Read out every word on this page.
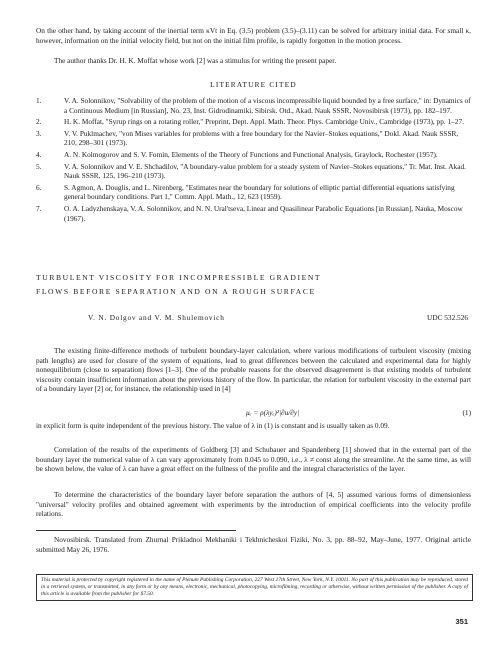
On the other hand, by taking account of the inertial term κVt in Eq. (3.5) problem (3.5)–(3.11) can be solved for arbitrary initial data. For small κ, however, information on the initial velocity field, but not on the initial film profile, is rapidly forgotten in the motion process.

The author thanks Dr. H. K. Moffat whose work [2] was a stimulus for writing the present paper.

LITERATURE CITED
1.	V. A. Solonnikov, "Solvability of the problem of the motion of a viscous incompressible liquid bounded by a free surface," in: Dynamics of a Continuous Medium [in Russian], No. 23, Inst. Gidrodinamiki, Sibirsk. Otd., Akad. Nauk SSSR, Novosibirsk (1973), pp. 182–197.
2.	H. K. Moffat, "Syrup rings on a rotating roller," Preprint, Dept. Appl. Math. Theor. Phys. Cambridge Univ., Cambridge (1973), pp. 1–27.
3.	V. V. Puklmachev, "von Mises variables for problems with a free boundary for the Navier–Stokes equations," Dokl. Akad. Nauk SSSR, 210, 298–301 (1973).
4.	A. N. Kolmogorov and S. V. Fomin, Elements of the Theory of Functions and Functional Analysis, Graylock, Rochester (1957).
5.	V. A. Solonnikov and V. E. Shchadilov, "A boundary-value problem for a steady system of Navier–Stokes equations," Tr. Mat. Inst. Akad. Nauk SSSR, 125, 196–210 (1973).
6.	S. Agmon, A. Douglis, and L. Nirenberg, "Estimates near the boundary for solutions of elliptic partial differential equations satisfying general boundary conditions. Part 1," Comm. Appl. Math., 12, 623 (1959).
7.	O. A. Ladyzhenskaya, V. A. Solonnikov, and N. N. Ural'tseva, Linear and Quasilinear Parabolic Equations [in Russian], Nauka, Moscow (1967).
TURBULENT VISCOSITY FOR INCOMPRESSIBLE GRADIENT
FLOWS BEFORE SEPARATION AND ON A ROUGH SURFACE
V. N. Dolgov and V. M. Shulemovich	UDC 532.526

The existing finite-difference methods of turbulent boundary-layer calculation, where various modifications of turbulent viscosity (mixing path lengths) are used for closure of the system of equations, lead to great differences between the calculated and experimental data for highly nonequilibrium (close to separation) flows [1–3]. One of the probable reasons for the observed disagreement is that existing models of turbulent viscosity contain insufficient information about the previous history of the flow. In particular, the relation for turbulent viscosity in the external part of a boundary layer [2] or, for instance, the relationship used in [4]

μₑ = ρ(λyₑ)²|∂u/∂y|	(1)

in explicit form is quite independent of the previous history. The value of λ in (1) is constant and is usually taken as 0.09.

Correlation of the results of the experiments of Goldberg [3] and Schubauer and Spandenberg [1] showed that in the external part of the boundary layer the numerical value of λ can vary approximately from 0.045 to 0.090, i.e., λ ≠ const along the streamline. At the same time, as will be shown below, the value of λ can have a great effect on the fullness of the profile and the integral characteristics of the layer.

To determine the characteristics of the boundary layer before separation the authors of [4, 5] assumed various forms of dimensionless "universal" velocity profiles and obtained agreement with experiments by the introduction of empirical coefficients into the velocity profile relations.

Novosibirsk. Translated from Zhurnal Prikladnoi Mekhaniki i Tekhnicheskoi Fiziki, No. 3, pp. 88–92, May–June, 1977. Original article submitted May 26, 1976.

This material is protected by copyright registered in the name of Plenum Publishing Corporation, 227 West 17th Street, New York, N.Y. 10011. No part of this publication may be reproduced, stored in a retrieval system, or transmitted, in any form or by any means, electronic, mechanical, photocopying, microfilming, recording or otherwise, without written permission of the publisher. A copy of this article is available from the publisher for $7.50.
351
